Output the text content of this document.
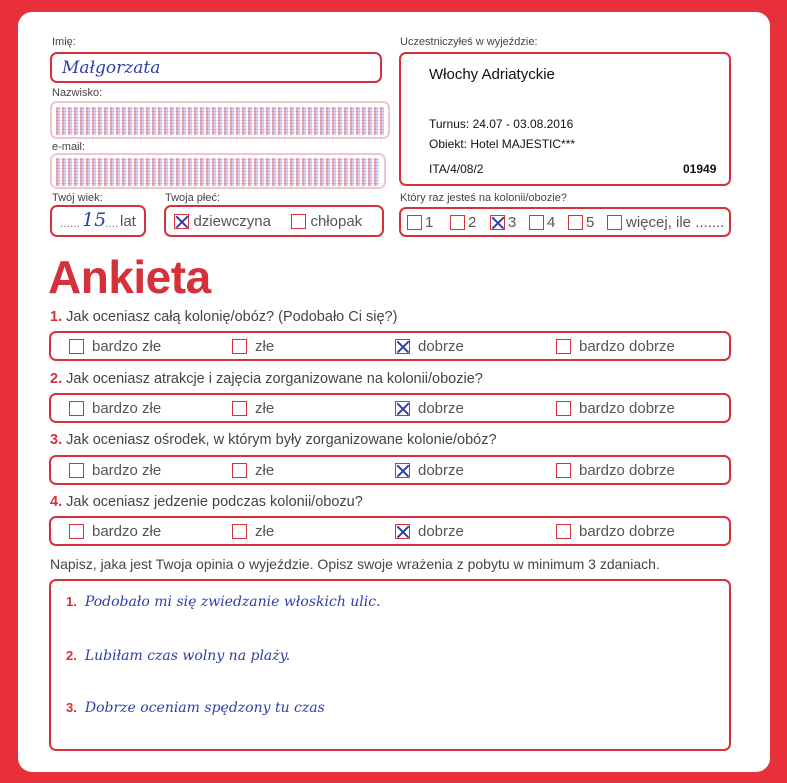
Imię:
Małgorzata
Nazwisko:
e-mail:
Twój wiek:
...... 15
.... lat
Twoja płeć:
dziewczyna	chłopak
Uczestniczyłeś w wyjeździe:
Włochy Adriatyckie
Turnus: 24.07 - 03.08.2016
Obiekt: Hotel MAJESTIC***
ITA/4/08/2	01949
Który raz jesteś na kolonii/obozie?
1	2	3	4	5	więcej, ile .......
Ankieta
1. Jak oceniasz całą kolonię/obóz? (Podobało Ci się?)
bardzo złe	złe	dobrze	bardzo dobrze
2. Jak oceniasz atrakcje i zajęcia zorganizowane na kolonii/obozie?
bardzo złe	złe	dobrze	bardzo dobrze
3. Jak oceniasz ośrodek, w którym były zorganizowane kolonie/obóz?
bardzo złe	złe	dobrze	bardzo dobrze
4. Jak oceniasz jedzenie podczas kolonii/obozu?
bardzo złe	złe	dobrze	bardzo dobrze
Napisz, jaka jest Twoja opinia o wyjeździe. Opisz swoje wrażenia z pobytu w minimum 3 zdaniach.
1. Podobało mi się zwiedzanie włoskich ulic.
2. Lubiłam czas wolny na plaży.
3. Dobrze oceniam spędzony tu czas
